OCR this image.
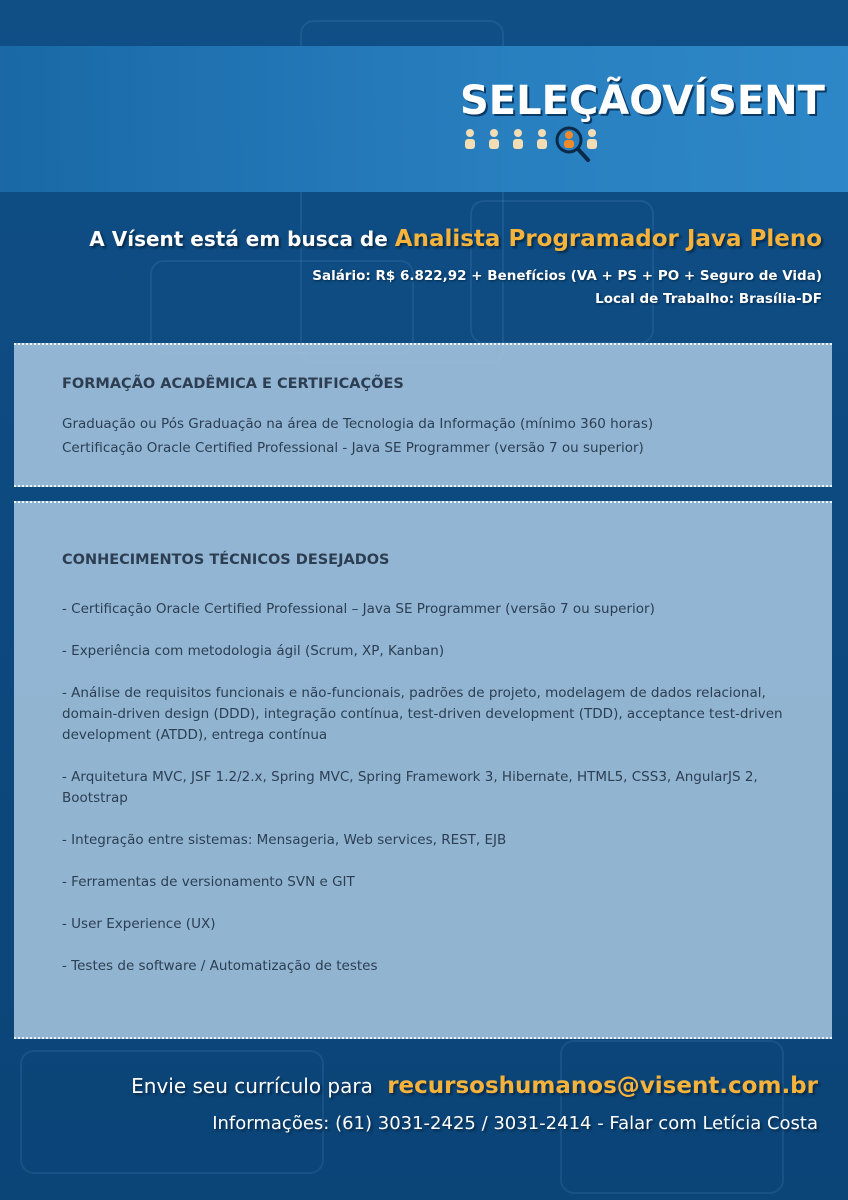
SELEÇÃOVÍSENT
A Vísent está em busca de Analista Programador Java Pleno
Salário: R$ 6.822,92 + Benefícios (VA + PS + PO + Seguro de Vida)
Local de Trabalho: Brasília-DF
FORMAÇÃO ACADÊMICA E CERTIFICAÇÕES
Graduação ou Pós Graduação na área de Tecnologia da Informação (mínimo 360 horas)
Certificação Oracle Certified Professional - Java SE Programmer (versão 7 ou superior)
CONHECIMENTOS TÉCNICOS DESEJADOS
- Certificação Oracle Certified Professional – Java SE Programmer (versão 7 ou superior)
- Experiência com metodologia ágil (Scrum, XP, Kanban)
- Análise de requisitos funcionais e não-funcionais, padrões de projeto, modelagem de dados relacional, domain-driven design (DDD), integração contínua, test-driven development (TDD), acceptance test-driven development (ATDD), entrega contínua
- Arquitetura MVC, JSF 1.2/2.x, Spring MVC, Spring Framework 3, Hibernate, HTML5, CSS3, AngularJS 2, Bootstrap
- Integração entre sistemas: Mensageria, Web services, REST, EJB
- Ferramentas de versionamento SVN e GIT
- User Experience (UX)
- Testes de software / Automatização de testes
Envie seu currículo para recursoshumanos@visent.com.br
Informações: (61) 3031-2425 / 3031-2414 - Falar com Letícia Costa
